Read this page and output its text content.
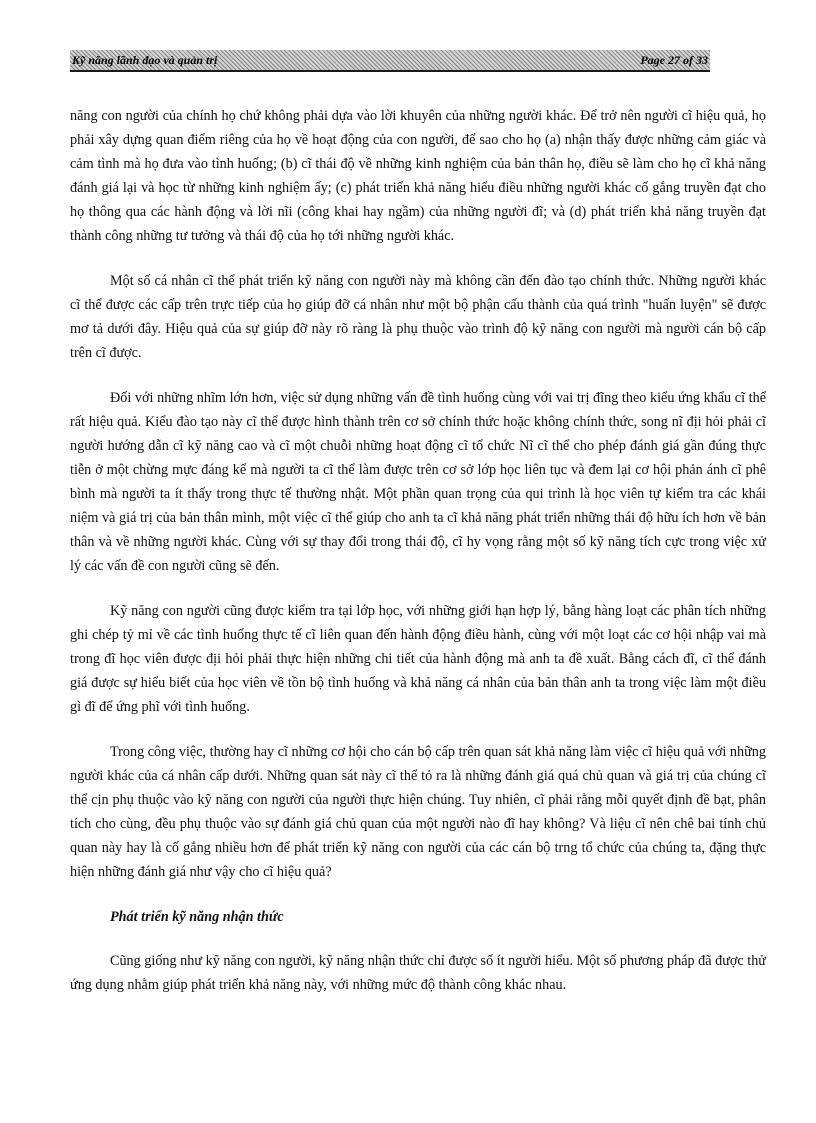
Kỹ năng lãnh đạo và quản trị	Page 27 of 33

năng con người của chính họ chứ không phải dựa vào lời khuyên của những người khác. Để trở nên người cĩ hiệu quả, họ phải xây dựng quan điểm riêng của họ về hoạt động của con người, để sao cho họ (a) nhận thấy được những cảm giác và cảm tình mà họ đưa vào tình huống; (b) cĩ thái độ về những kinh nghiệm của bản thân họ, điều sẽ làm cho họ cĩ khả năng đánh giá lại và học từ những kinh nghiệm ấy; (c) phát triển khả năng hiểu điều những người khác cố gắng truyền đạt cho họ thông qua các hành động và lời nĩi (công khai hay ngầm) của những người đĩ; và (d) phát triển khả năng truyền đạt thành công những tư tưởng và thái độ của họ tới những người khác.

Một số cá nhân cĩ thể phát triển kỹ năng con người này mà không cần đến đào tạo chính thức. Những người khác cĩ thể được các cấp trên trực tiếp của họ giúp đỡ cá nhân như một bộ phận cấu thành của quá trình "huấn luyện" sẽ được mơ tả dưới đây. Hiệu quả của sự giúp đỡ này rõ ràng là phụ thuộc vào trình độ kỹ năng con người mà người cán bộ cấp trên cĩ được.

Đối với những nhĩm lớn hơn, việc sử dụng những vấn đề tình huống cùng với vai trị đĩng theo kiểu ứng khẩu cĩ thể rất hiệu quả. Kiểu đào tạo này cĩ thể được hình thành trên cơ sở chính thức hoặc không chính thức, song nĩ địi hỏi phải cĩ người hướng dẫn cĩ kỹ năng cao và cĩ một chuỗi những hoạt động cĩ tổ chức Nĩ cĩ thể cho phép đánh giá gần đúng thực tiễn ở một chừng mực đáng kể mà người ta cĩ thể làm được trên cơ sở lớp học liên tục và đem lại cơ hội phản ánh cĩ phê bình mà người ta ít thấy trong thực tế thường nhật. Một phần quan trọng của qui trình là học viên tự kiểm tra các khái niệm và giá trị của bản thân mình, một việc cĩ thể giúp cho anh ta cĩ khả năng phát triển những thái độ hữu ích hơn về bản thân và về những người khác. Cùng với sự thay đổi trong thái độ, cĩ hy vọng rằng một số kỹ năng tích cực trong việc xử lý các vấn đề con người cũng sẽ đến.

Kỹ năng con người cũng được kiểm tra tại lớp học, với những giới hạn hợp lý, bằng hàng loạt các phân tích những ghi chép tỷ mỉ về các tình huống thực tế cĩ liên quan đến hành động điều hành, cùng với một loạt các cơ hội nhập vai mà trong đĩ học viên được địi hỏi phải thực hiện những chi tiết của hành động mà anh ta đề xuất. Bằng cách đĩ, cĩ thể đánh giá được sự hiểu biết của học viên về tồn bộ tình huống và khả năng cá nhân của bản thân anh ta trong việc làm một điều gì đĩ để ứng phĩ với tình huống.

Trong công việc, thường hay cĩ những cơ hội cho cán bộ cấp trên quan sát khả năng làm việc cĩ hiệu quả với những người khác của cá nhân cấp dưới. Những quan sát này cĩ thể tỏ ra là những đánh giá quá chủ quan và giá trị của chúng cĩ thể cịn phụ thuộc vào kỹ năng con người của người thực hiện chúng. Tuy nhiên, cĩ phải rằng mỗi quyết định đề bạt, phân tích cho cùng, đều phụ thuộc vào sự đánh giá chủ quan của một người nào đĩ hay không? Và liệu cĩ nên chê bai tính chủ quan này hay là cố gắng nhiều hơn để phát triển kỹ năng con người của các cán bộ trng tổ chức của chúng ta, đặng thực hiện những đánh giá như vậy cho cĩ hiệu quả?

Phát triển kỹ năng nhận thức

Cũng giống như kỹ năng con người, kỹ năng nhận thức chỉ được số ít người hiểu. Một số phương pháp đã được thử ứng dụng nhằm giúp phát triển khả năng này, với những mức độ thành công khác nhau.
